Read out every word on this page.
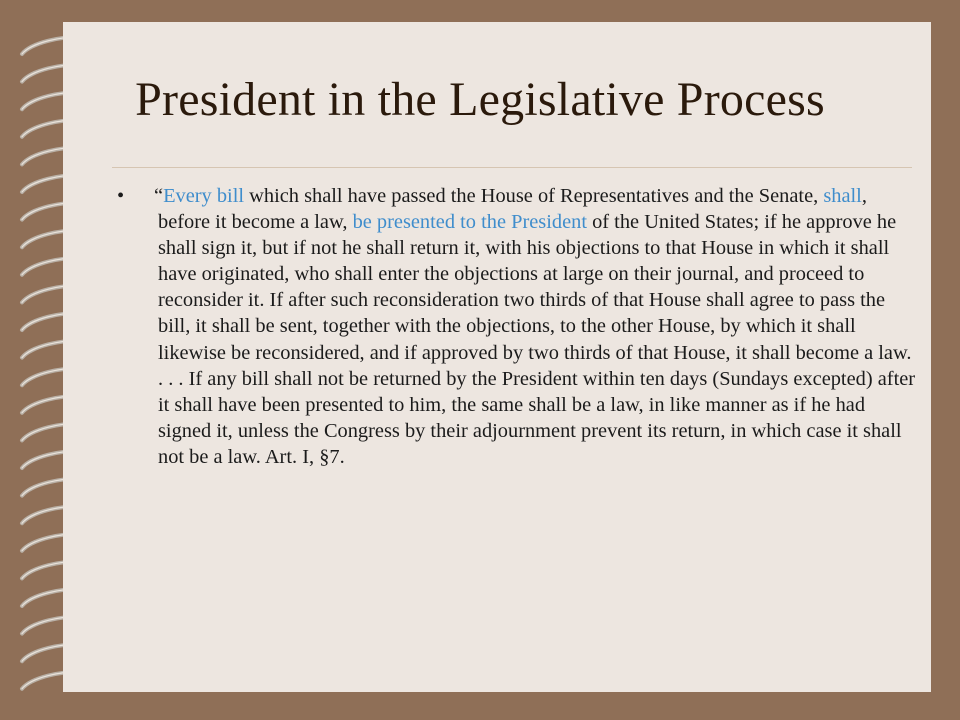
President in the Legislative Process
•	“Every bill which shall have passed the House of Representatives and the Senate, shall, before it become a law, be presented to the President of the United States; if he approve he shall sign it, but if not he shall return it, with his objections to that House in which it shall have originated, who shall enter the objections at large on their journal, and proceed to reconsider it. If after such reconsideration two thirds of that House shall agree to pass the bill, it shall be sent, together with the objections, to the other House, by which it shall likewise be reconsidered, and if approved by two thirds of that House, it shall become a law. . . . If any bill shall not be returned by the President within ten days (Sundays excepted) after it shall have been presented to him, the same shall be a law, in like manner as if he had signed it, unless the Congress by their adjournment prevent its return, in which case it shall not be a law. Art. I, §7.
